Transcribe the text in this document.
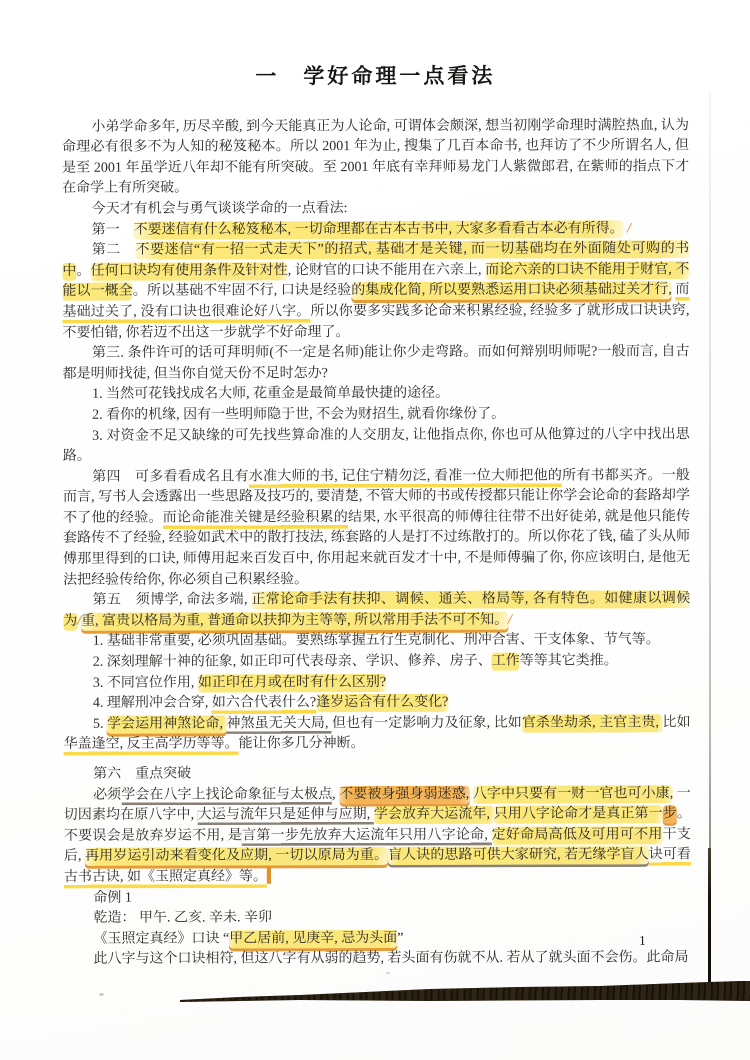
一　学好命理一点看法

小弟学命多年, 历尽辛酸, 到今天能真正为人论命, 可谓体会颇深, 想当初刚学命理时满腔热血, 认为命理必有很多不为人知的秘笈秘本。所以 2001 年为止, 搜集了几百本命书, 也拜访了不少所谓名人, 但是至 2001 年虽学近八年却不能有所突破。至 2001 年底有幸拜师易龙门人紫微郎君, 在紫师的指点下才在命学上有所突破。

今天才有机会与勇气谈谈学命的一点看法:

第一　不要迷信有什么秘笈秘本, 一切命理都在古本古书中, 大家多看看古本必有所得。 /

第二　不要迷信“有一招一式走天下”的招式, 基础才是关键, 而一切基础均在外面随处可购的书中。任何口诀均有使用条件及针对性, 论财官的口诀不能用在六亲上, 而论六亲的口诀不能用于财官, 不能以一概全。所以基础不牢固不行, 口诀是经验的集成化简, 所以要熟悉运用口诀必须基础过关才行, 而基础过关了, 没有口诀也很难论好八字。所以你要多实践多论命来积累经验, 经验多了就形成口诀诀窍, 不要怕错, 你若迈不出这一步就学不好命理了。

第三. 条件许可的话可拜明师(不一定是名师)能让你少走弯路。而如何辩别明师呢?一般而言, 自古都是明师找徒, 但当你自觉天份不足时怎办?

1. 当然可花钱找成名大师, 花重金是最简单最快捷的途径。

2. 看你的机缘, 因有一些明师隐于世, 不会为财招生, 就看你缘份了。

3. 对资金不足又缺缘的可先找些算命准的人交朋友, 让他指点你, 你也可从他算过的八字中找出思路。

第四　可多看看成名且有水准大师的书, 记住宁精勿泛, 看准一位大师把他的所有书都买齐。一般而言, 写书人会透露出一些思路及技巧的, 要清楚, 不管大师的书或传授都只能让你学会论命的套路却学不了他的经验。而论命能准关键是经验积累的结果, 水平很高的师傅往往带不出好徒弟, 就是他只能传套路传不了经验, 经验如武术中的散打技法, 练套路的人是打不过练散打的。所以你花了钱, 磕了头从师傅那里得到的口诀, 师傅用起来百发百中, 你用起来就百发才十中, 不是师傅骗了你, 你应该明白, 是他无法把经验传给你, 你必须自己积累经验。

第五　须博学, 命法多端, 正常论命手法有扶抑、调候、通关、格局等, 各有特色。如健康以调候为/重, 富贵以格局为重, 普通命以扶抑为主等等, 所以常用手法不可不知。/

1. 基础非常重要, 必须巩固基础。要熟练掌握五行生克制化、刑冲合害、干支体象、节气等。

2. 深刻理解十神的征象, 如正印可代表母亲、学识、修养、房子、工作等等其它类推。

3. 不同宫位作用, 如正印在月或在时有什么区别?

4. 理解刑冲会合穿, 如六合代表什么?逢岁运合有什么变化?

5. 学会运用神煞论命, 神煞虽无关大局, 但也有一定影响力及征象, 比如官杀坐劫杀, 主官主贵, 比如华盖逢空, 反主高学历等等。能让你多几分神断。

第六　重点突破

必须学会在八字上找论命象征与太极点, 不要被身强身弱迷惑, 八字中只要有一财一官也可小康, 一切因素均在原八字中, 大运与流年只是延伸与应期, 学会放弃大运流年, 只用八字论命才是真正第一步。不要误会是放弃岁运不用, 是言第一步先放弃大运流年只用八字论命, 定好命局高低及可用可不用干支后, 再用岁运引动来看变化及应期, 一切以原局为重。盲人诀的思路可供大家研究, 若无缘学盲人诀可看古书古诀, 如《玉照定真经》等。▍

命例 1

乾造： 甲午. 乙亥. 辛未. 辛卯

《玉照定真经》口诀 “甲乙居前, 见庚辛, 忌为头面”

此八字与这个口诀相符, 但这八字有从弱的趋势, 若头面有伤就不从. 若从了就头面不会伤。此命局

1
